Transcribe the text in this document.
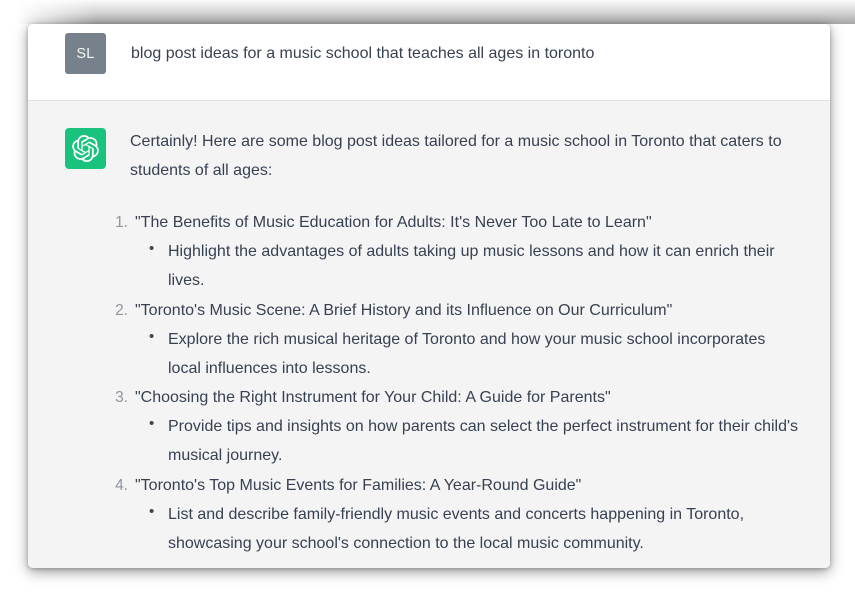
SL blog post ideas for a music school that teaches all ages in toronto

Certainly! Here are some blog post ideas tailored for a music school in Toronto that caters to students of all ages:

1. "The Benefits of Music Education for Adults: It's Never Too Late to Learn"
• Highlight the advantages of adults taking up music lessons and how it can enrich their lives.
2. "Toronto's Music Scene: A Brief History and its Influence on Our Curriculum"
• Explore the rich musical heritage of Toronto and how your music school incorporates local influences into lessons.
3. "Choosing the Right Instrument for Your Child: A Guide for Parents"
• Provide tips and insights on how parents can select the perfect instrument for their child's musical journey.
4. "Toronto's Top Music Events for Families: A Year-Round Guide"
• List and describe family-friendly music events and concerts happening in Toronto, showcasing your school's connection to the local music community.
